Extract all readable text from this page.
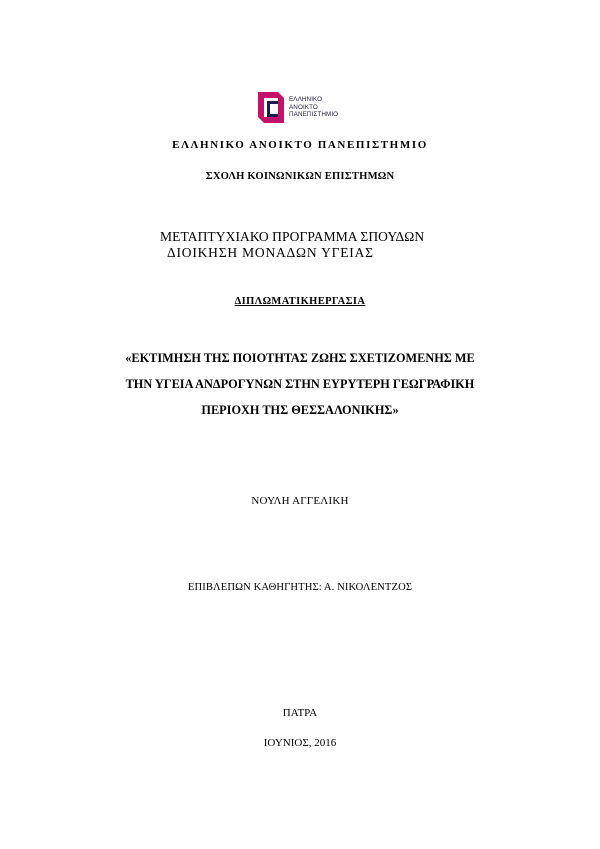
ΕΛΛΗΝΙΚΟ
ΑΝΟΙΚΤΟ
ΠΑΝΕΠΙΣΤΗΜΙΟ
ΕΛΛΗΝΙΚΟ ΑΝΟΙΚΤΟ ΠΑΝΕΠΙΣΤΗΜΙΟ
ΣΧΟΛΗ ΚΟΙΝΩΝΙΚΩΝ ΕΠΙΣΤΗΜΩΝ
ΜΕΤΑΠΤΥΧΙΑΚΟ ΠΡΟΓΡΑΜΜΑ ΣΠΟΥΔΩΝ
ΔΙΟΙΚΗΣΗ ΜΟΝΑΔΩΝ ΥΓΕΙΑΣ
ΔΙΠΛΩΜΑΤΙΚΗΕΡΓΑΣΙΑ
«ΕΚΤΙΜΗΣΗ ΤΗΣ ΠΟΙΟΤΗΤΑΣ ΖΩΗΣ ΣΧΕΤΙΖΟΜΕΝΗΣ ΜΕ
ΤΗΝ ΥΓΕΙΑ ΑΝΔΡΟΓΥΝΩΝ ΣΤΗΝ ΕΥΡΥΤΕΡΗ ΓΕΩΓΡΑΦΙΚΗ
ΠΕΡΙΟΧΗ ΤΗΣ ΘΕΣΣΑΛΟΝΙΚΗΣ»
ΝΟΥΛΗ ΑΓΓΕΛΙΚΗ
ΕΠΙΒΛΕΠΩΝ ΚΑΘΗΓΗΤΗΣ: Α. ΝΙΚΟΛΕΝΤΖΟΣ
ΠΑΤΡΑ
ΙΟΥΝΙΟΣ, 2016
